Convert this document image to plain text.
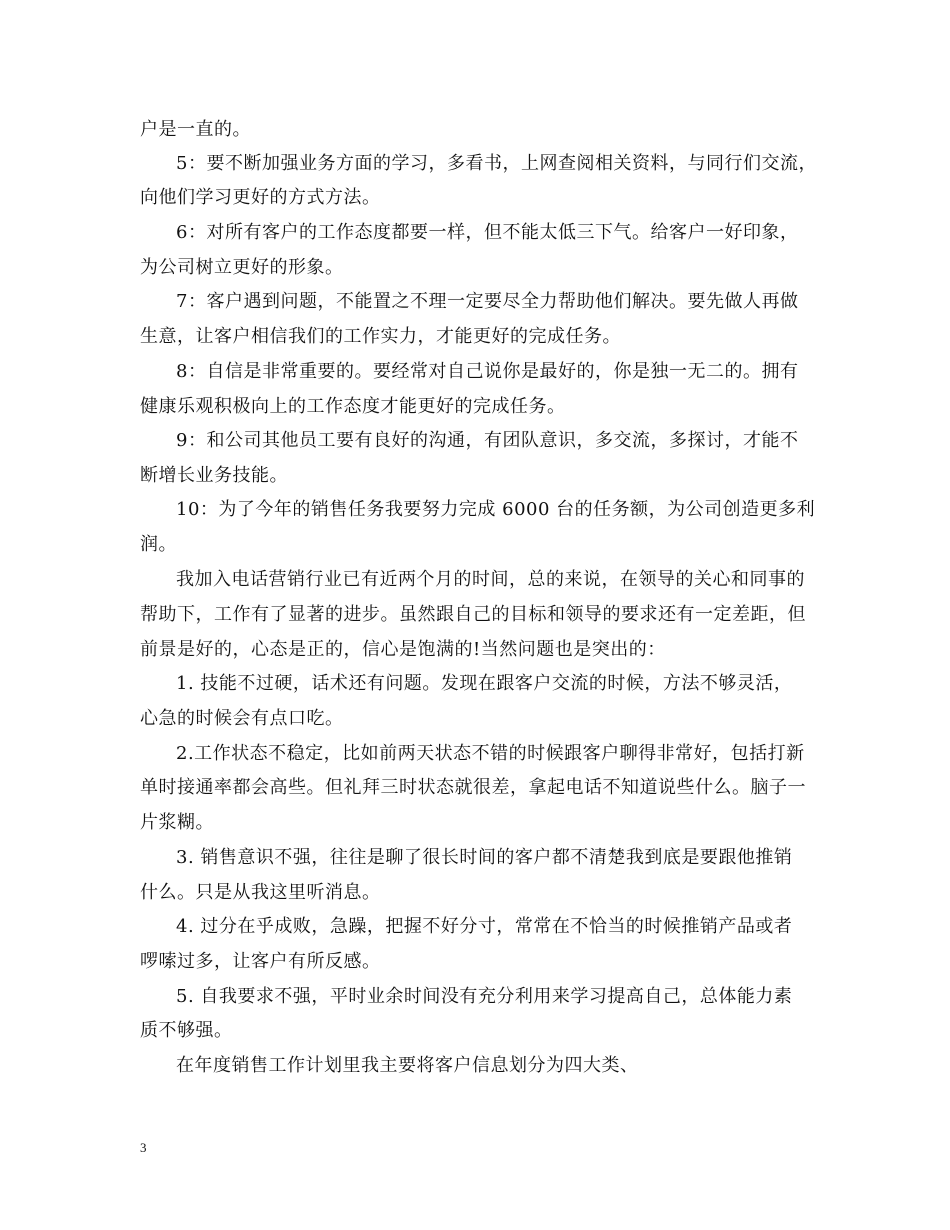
户是一直的。
5：要不断加强业务方面的学习，多看书，上网查阅相关资料，与同行们交流，
向他们学习更好的方式方法。
6：对所有客户的工作态度都要一样，但不能太低三下气。给客户一好印象，
为公司树立更好的形象。
7：客户遇到问题，不能置之不理一定要尽全力帮助他们解决。要先做人再做
生意，让客户相信我们的工作实力，才能更好的完成任务。
8：自信是非常重要的。要经常对自己说你是最好的，你是独一无二的。拥有
健康乐观积极向上的工作态度才能更好的完成任务。
9：和公司其他员工要有良好的沟通，有团队意识，多交流，多探讨，才能不
断增长业务技能。
10：为了今年的销售任务我要努力完成 6000 台的任务额，为公司创造更多利
润。
我加入电话营销行业已有近两个月的时间，总的来说，在领导的关心和同事的
帮助下，工作有了显著的进步。虽然跟自己的目标和领导的要求还有一定差距，但
前景是好的，心态是正的，信心是饱满的!当然问题也是突出的：
1. 技能不过硬，话术还有问题。发现在跟客户交流的时候，方法不够灵活，
心急的时候会有点口吃。
2.工作状态不稳定，比如前两天状态不错的时候跟客户聊得非常好，包括打新
单时接通率都会高些。但礼拜三时状态就很差，拿起电话不知道说些什么。脑子一
片浆糊。
3. 销售意识不强，往往是聊了很长时间的客户都不清楚我到底是要跟他推销
什么。只是从我这里听消息。
4. 过分在乎成败，急躁，把握不好分寸，常常在不恰当的时候推销产品或者
啰嗦过多，让客户有所反感。
5. 自我要求不强，平时业余时间没有充分利用来学习提高自己，总体能力素
质不够强。
在年度销售工作计划里我主要将客户信息划分为四大类、
3
